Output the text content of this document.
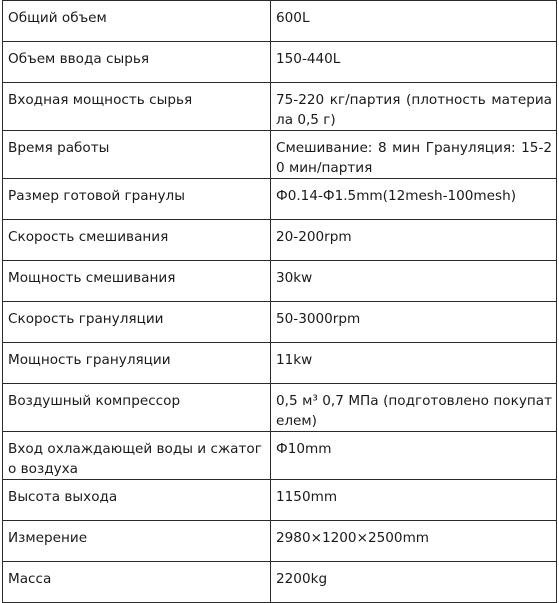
Общий объем	600L
Объем ввода сырья	150-440L
Входная мощность сырья	75-220 кг/партия (плотность материала 0,5 г)
Время работы	Смешивание: 8 мин Грануляция: 15-20 мин/партия
Размер готовой гранулы	Ф0.14-Ф1.5mm(12mesh-100mesh)
Скорость смешивания	20-200rpm
Мощность смешивания	30kw
Скорость грануляции	50-3000rpm
Мощность грануляции	11kw
Воздушный компрессор	0,5 м³ 0,7 МПа (подготовлено покупателем)
Вход охлаждающей воды и сжатого воздуха	Ф10mm
Высота выхода	1150mm
Измерение	2980×1200×2500mm
Масса	2200kg
